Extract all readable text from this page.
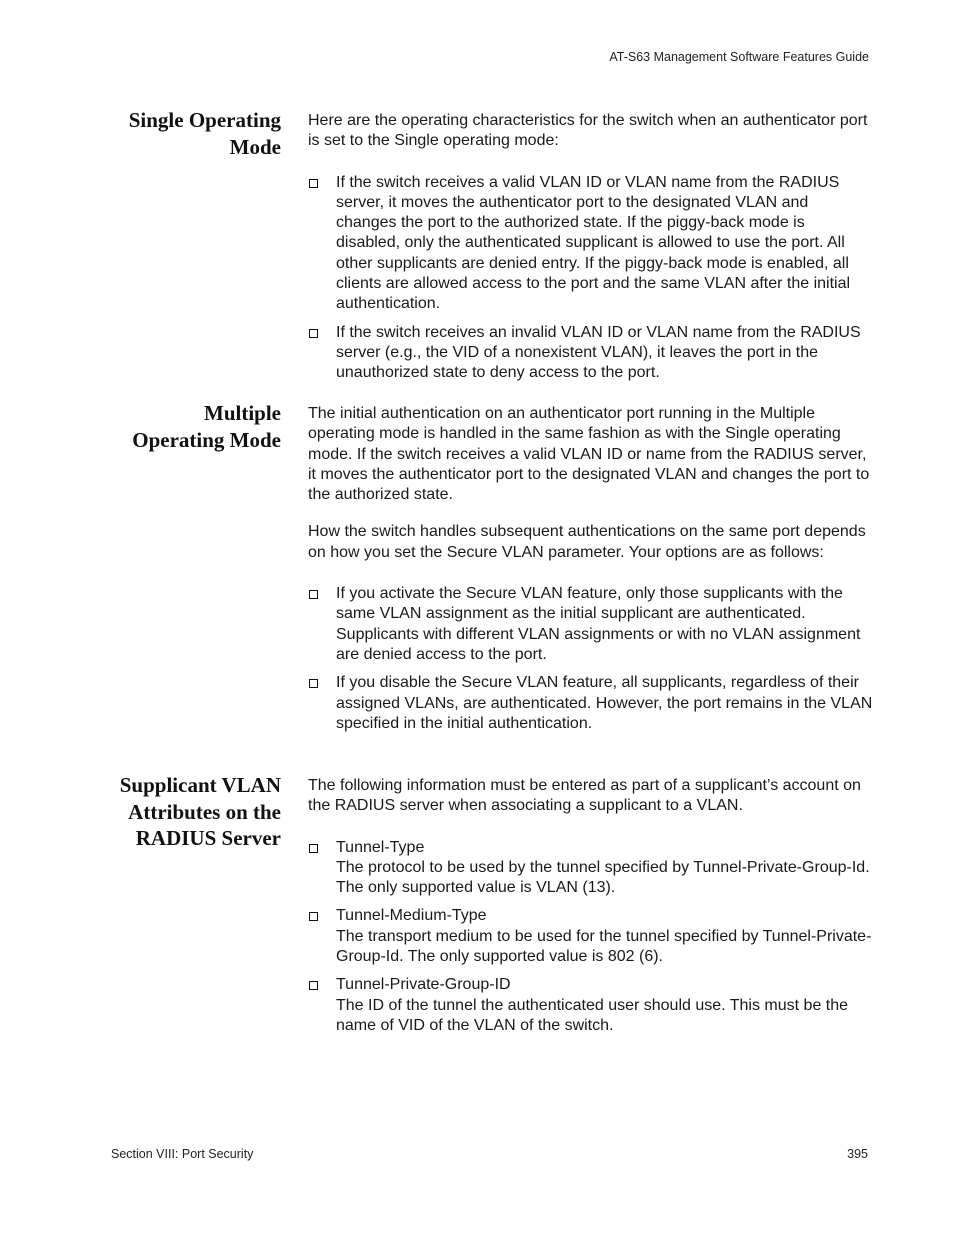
AT-S63 Management Software Features Guide
Single Operating
Mode

Here are the operating characteristics for the switch when an authenticator port is set to the Single operating mode:

If the switch receives a valid VLAN ID or VLAN name from the RADIUS server, it moves the authenticator port to the designated VLAN and changes the port to the authorized state. If the piggy-back mode is disabled, only the authenticated supplicant is allowed to use the port. All other supplicants are denied entry. If the piggy-back mode is enabled, all clients are allowed access to the port and the same VLAN after the initial authentication.
If the switch receives an invalid VLAN ID or VLAN name from the RADIUS server (e.g., the VID of a nonexistent VLAN), it leaves the port in the unauthorized state to deny access to the port.
Multiple
Operating Mode

The initial authentication on an authenticator port running in the Multiple operating mode is handled in the same fashion as with the Single operating mode. If the switch receives a valid VLAN ID or name from the RADIUS server, it moves the authenticator port to the designated VLAN and changes the port to the authorized state.

How the switch handles subsequent authentications on the same port depends on how you set the Secure VLAN parameter. Your options are as follows:

If you activate the Secure VLAN feature, only those supplicants with the same VLAN assignment as the initial supplicant are authenticated. Supplicants with different VLAN assignments or with no VLAN assignment are denied access to the port.
If you disable the Secure VLAN feature, all supplicants, regardless of their assigned VLANs, are authenticated. However, the port remains in the VLAN specified in the initial authentication.
Supplicant VLAN
Attributes on the
RADIUS Server

The following information must be entered as part of a supplicant’s account on the RADIUS server when associating a supplicant to a VLAN.

Tunnel-Type
The protocol to be used by the tunnel specified by Tunnel-Private-Group-Id. The only supported value is VLAN (13).
Tunnel-Medium-Type
The transport medium to be used for the tunnel specified by Tunnel-Private-Group-Id. The only supported value is 802 (6).
Tunnel-Private-Group-ID
The ID of the tunnel the authenticated user should use. This must be the name of VID of the VLAN of the switch.
Section VIII: Port Security	395
